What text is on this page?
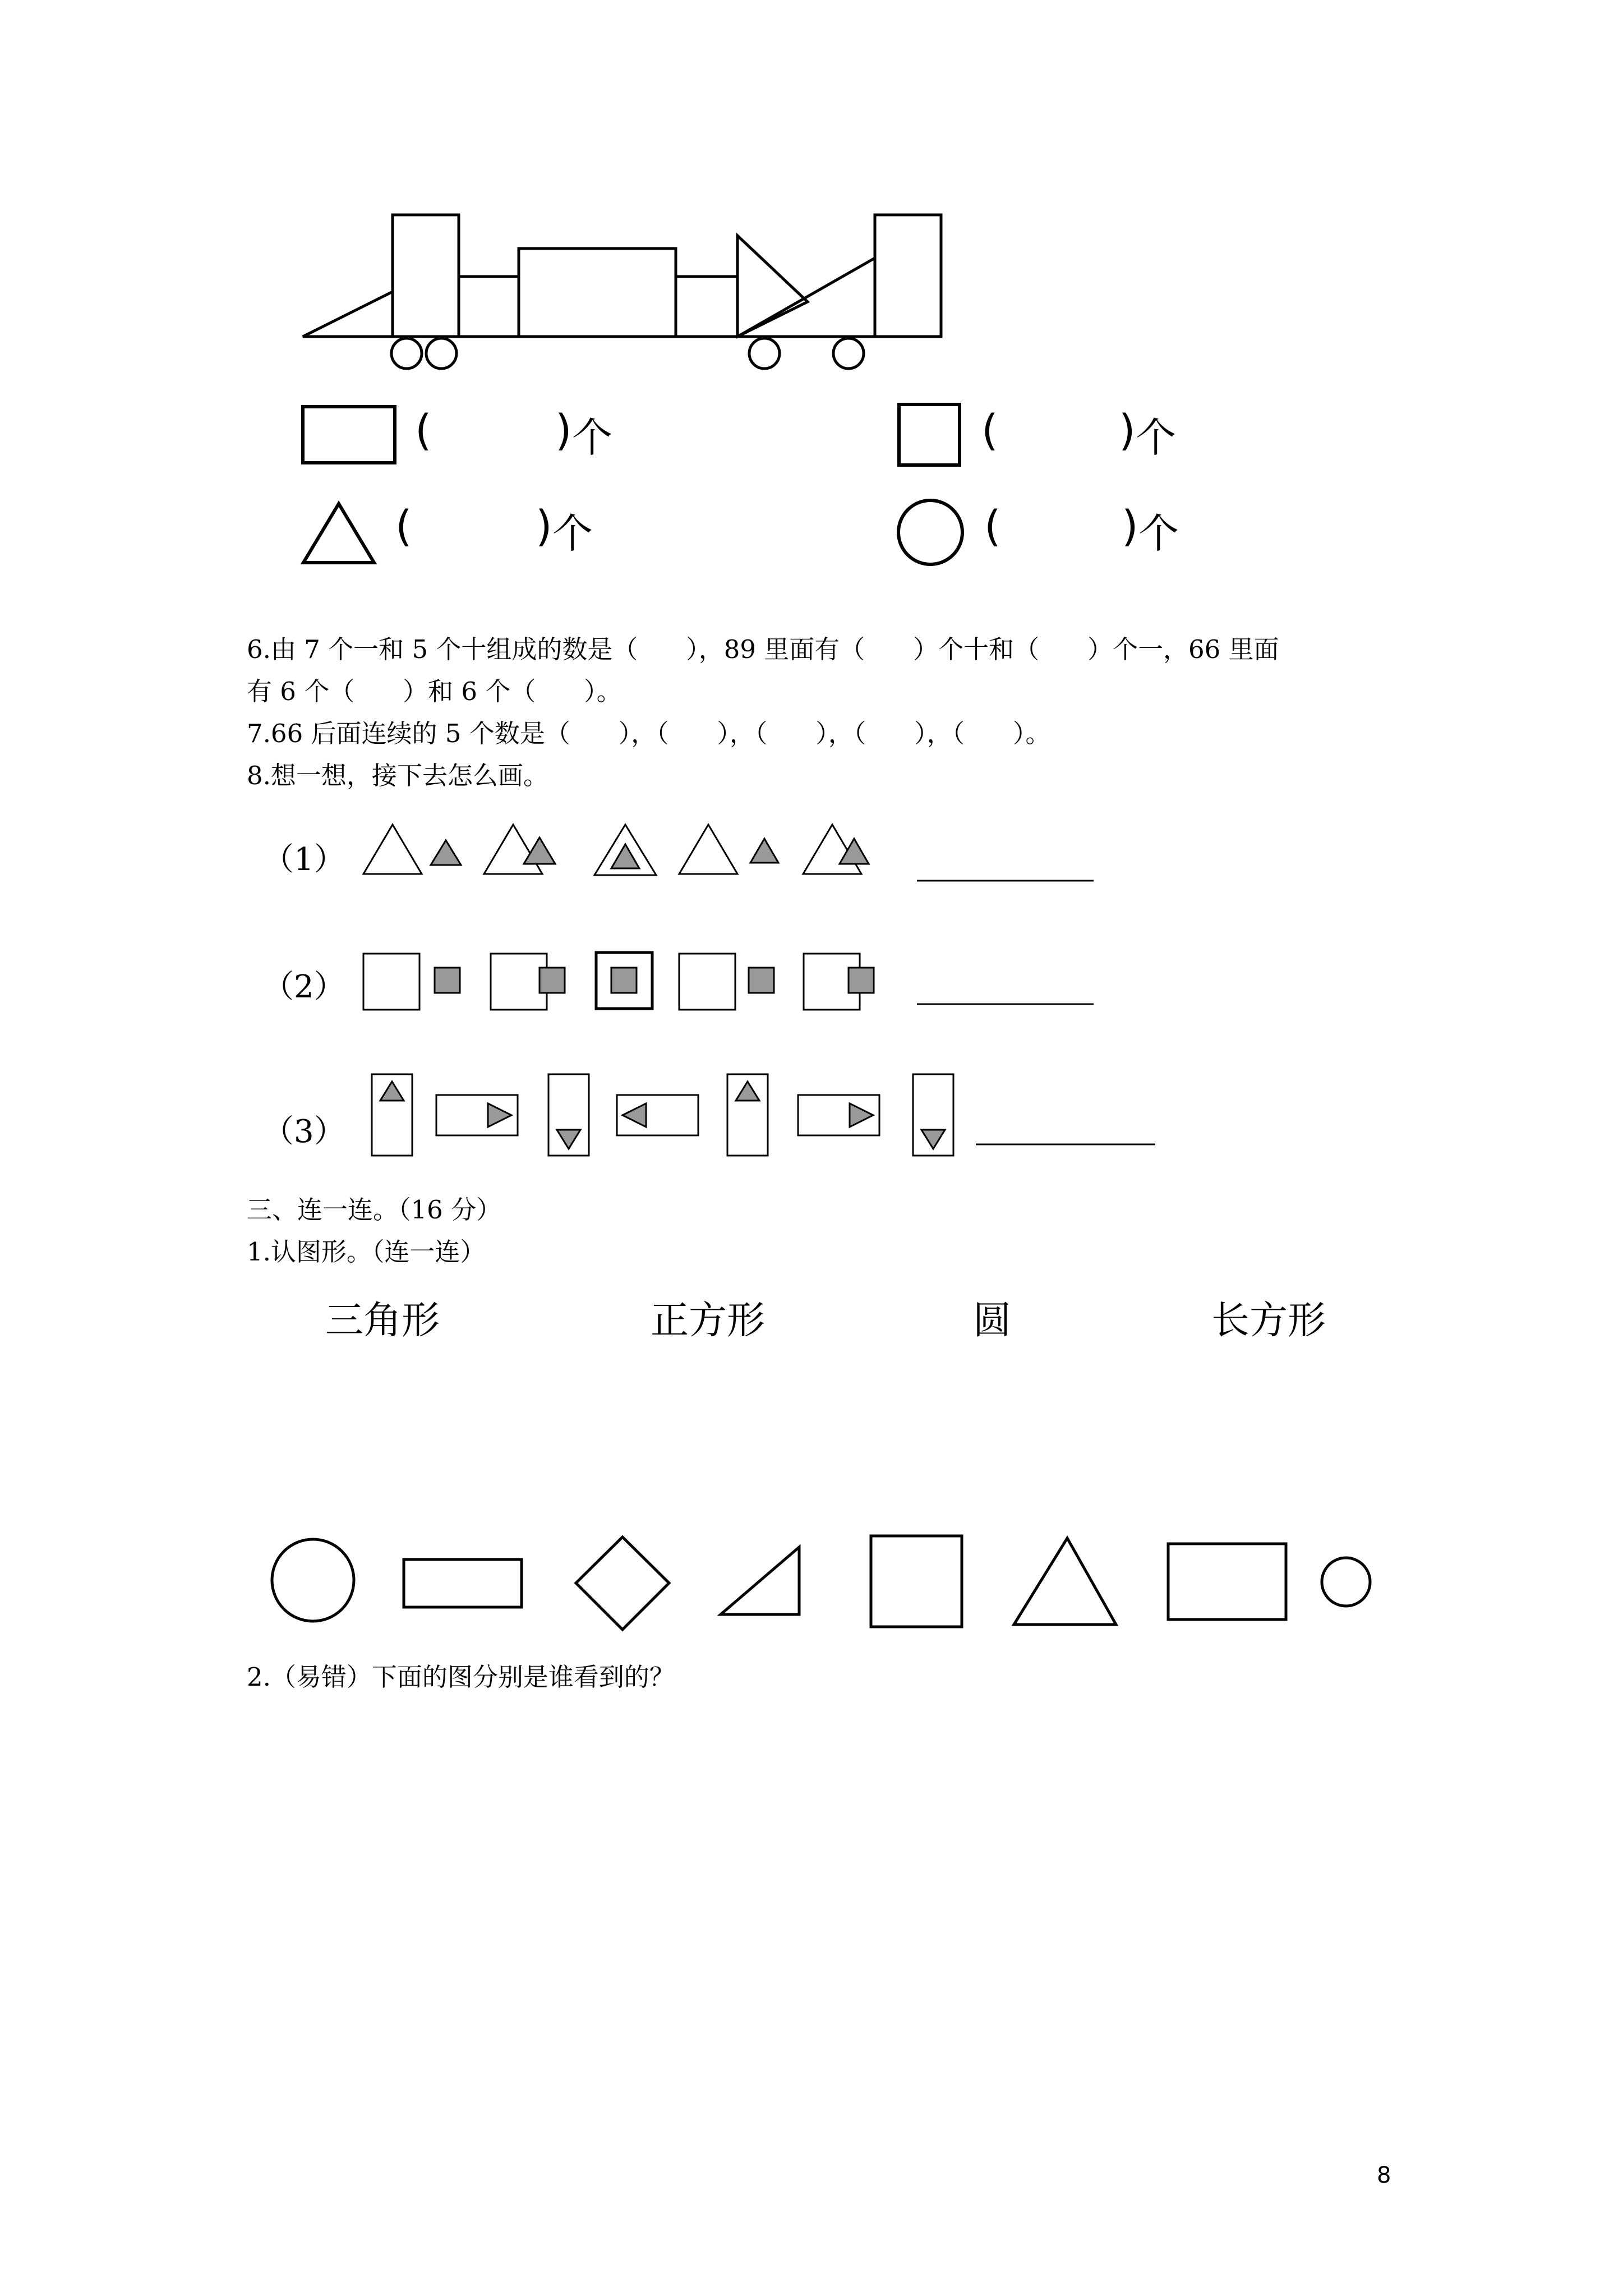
(	) 个	(	) 个
(	) 个	(	) 个
6.由 7 个一和 5 个十组成的数是（      ），89 里面有（      ）个十和（      ）个一，66 里面
有 6 个（      ）和 6 个（      ）。
7.66 后面连续的 5 个数是（      ），（      ），（      ），（      ），（      ）。
8.想一想，接下去怎么画。
（1）
（2）
（3）
三、连一连。（16 分）
1.认图形。（连一连）
三角形	正方形	圆	长方形
2.（易错）下面的图分别是谁看到的？
8
